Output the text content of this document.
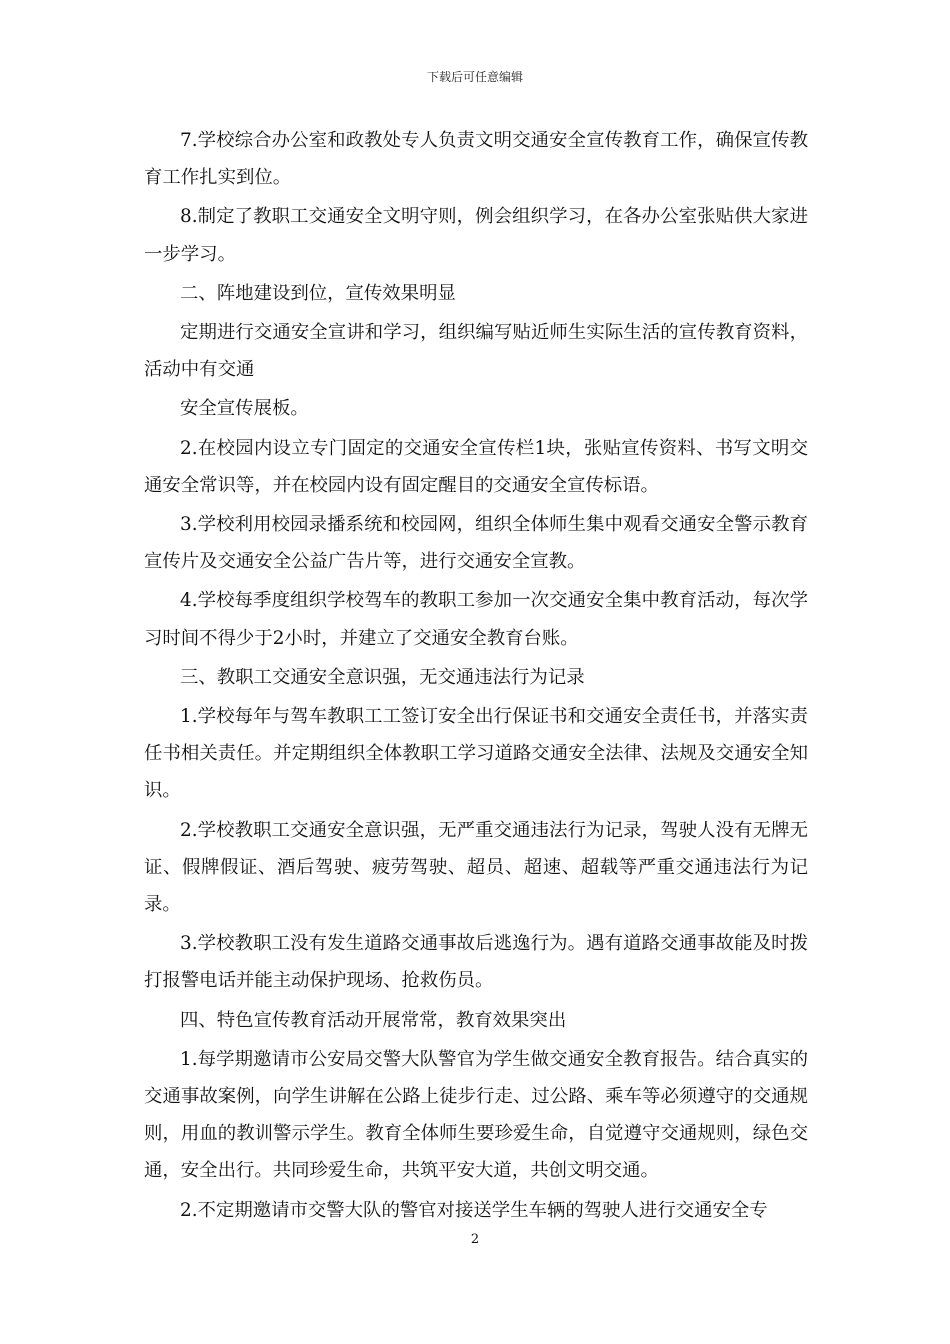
下载后可任意编辑

7.学校综合办公室和政教处专人负责文明交通安全宣传教育工作，确保宣传教育工作扎实到位。

8.制定了教职工交通安全文明守则，例会组织学习，在各办公室张贴供大家进一步学习。

二、阵地建设到位，宣传效果明显

定期进行交通安全宣讲和学习，组织编写贴近师生实际生活的宣传教育资料，活动中有交通

安全宣传展板。

2.在校园内设立专门固定的交通安全宣传栏1块，张贴宣传资料、书写文明交通安全常识等，并在校园内设有固定醒目的交通安全宣传标语。

3.学校利用校园录播系统和校园网，组织全体师生集中观看交通安全警示教育宣传片及交通安全公益广告片等，进行交通安全宣教。

4.学校每季度组织学校驾车的教职工参加一次交通安全集中教育活动，每次学习时间不得少于2小时，并建立了交通安全教育台账。

三、教职工交通安全意识强，无交通违法行为记录

1.学校每年与驾车教职工工签订安全出行保证书和交通安全责任书，并落实责任书相关责任。并定期组织全体教职工学习道路交通安全法律、法规及交通安全知识。

2.学校教职工交通安全意识强，无严重交通违法行为记录，驾驶人没有无牌无证、假牌假证、酒后驾驶、疲劳驾驶、超员、超速、超载等严重交通违法行为记录。

3.学校教职工没有发生道路交通事故后逃逸行为。遇有道路交通事故能及时拨打报警电话并能主动保护现场、抢救伤员。

四、特色宣传教育活动开展常常，教育效果突出

1.每学期邀请市公安局交警大队警官为学生做交通安全教育报告。结合真实的交通事故案例，向学生讲解在公路上徒步行走、过公路、乘车等必须遵守的交通规则，用血的教训警示学生。教育全体师生要珍爱生命，自觉遵守交通规则，绿色交通，安全出行。共同珍爱生命，共筑平安大道，共创文明交通。

2.不定期邀请市交警大队的警官对接送学生车辆的驾驶人进行交通安全专

2
